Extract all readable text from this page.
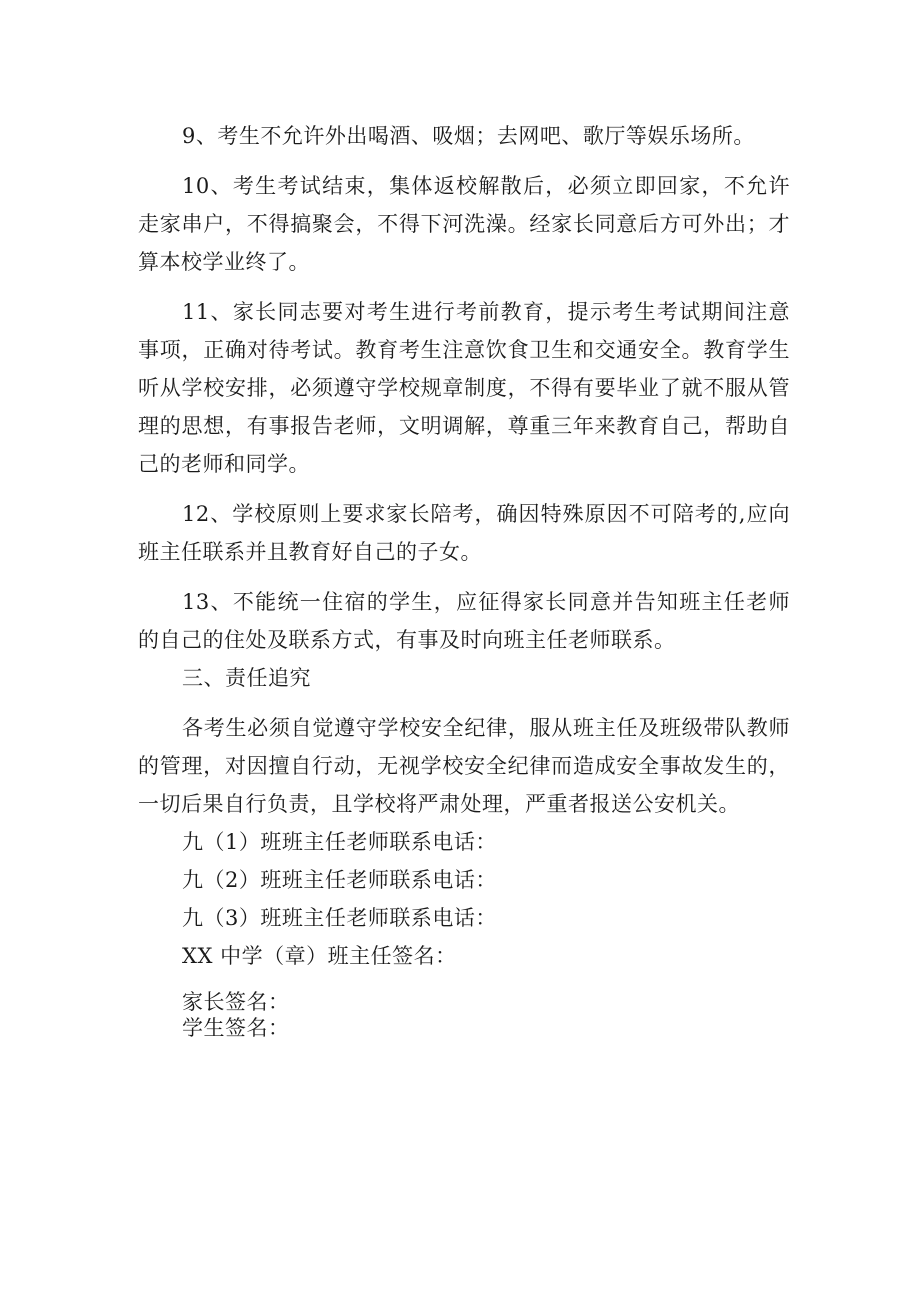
9、考生不允许外出喝酒、吸烟；去网吧、歌厅等娱乐场所。

10、考生考试结束，集体返校解散后，必须立即回家，不允许走家串户，不得搞聚会，不得下河洗澡。经家长同意后方可外出；才算本校学业终了。

11、家长同志要对考生进行考前教育，提示考生考试期间注意事项，正确对待考试。教育考生注意饮食卫生和交通安全。教育学生听从学校安排，必须遵守学校规章制度，不得有要毕业了就不服从管理的思想，有事报告老师，文明调解，尊重三年来教育自己，帮助自己的老师和同学。

12、学校原则上要求家长陪考，确因特殊原因不可陪考的,应向班主任联系并且教育好自己的子女。

13、不能统一住宿的学生，应征得家长同意并告知班主任老师的自己的住处及联系方式，有事及时向班主任老师联系。

三、责任追究

各考生必须自觉遵守学校安全纪律，服从班主任及班级带队教师的管理，对因擅自行动，无视学校安全纪律而造成安全事故发生的，一切后果自行负责，且学校将严肃处理，严重者报送公安机关。

九（1）班班主任老师联系电话：

九（2）班班主任老师联系电话：

九（3）班班主任老师联系电话：

XX 中学（章）班主任签名：

家长签名：

学生签名：
